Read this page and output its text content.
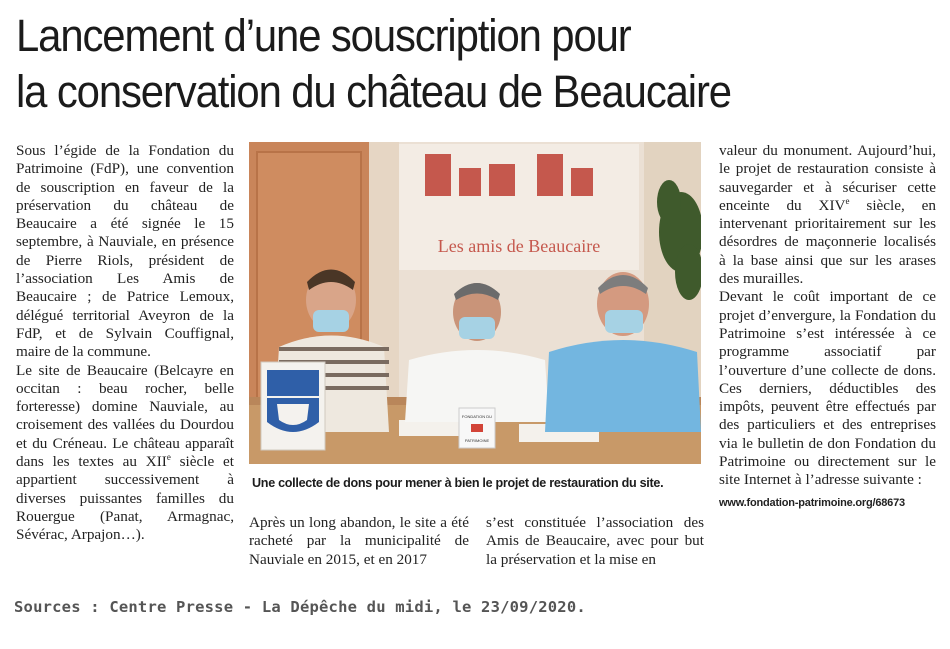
Lancement d’une souscription pour
la conservation du château de Beaucaire

Sous l’égide de la Fondation du Patrimoine (FdP), une convention de souscription en faveur de la préservation du château de Beaucaire a été signée le 15 septembre, à Nauviale, en présence de Pierre Riols, président de l’association Les Amis de Beaucaire ; de Patrice Lemoux, délégué territorial Aveyron de la FdP, et de Sylvain Couffignal, maire de la commune.

Le site de Beaucaire (Belcayre en occitan : beau rocher, belle forteresse) domine Nauviale, au croisement des vallées du Dourdou et du Créneau. Le château apparaît dans les textes au XIIe siècle et appartient successivement à diverses puissantes familles du Rouergue (Panat, Armagnac, Sévérac, Arpajon…).

Les amis de Beaucaire
FONDATION DU
PATRIMOINE
Une collecte de dons pour mener à bien le projet de restauration du site.

Après un long abandon, le site a été racheté par la municipalité de Nauviale en 2015, et en 2017

s’est constituée l’association des Amis de Beaucaire, avec pour but la préservation et la mise en

valeur du monument. Aujourd’hui, le projet de restauration consiste à sauvegarder et à sécuriser cette enceinte du XIVe siècle, en intervenant prioritairement sur les désordres de maçonnerie localisés à la base ainsi que sur les arases des murailles.

Devant le coût important de ce projet d’envergure, la Fondation du Patrimoine s’est intéressée à ce programme associatif par l’ouverture d’une collecte de dons. Ces derniers, déductibles des impôts, peuvent être effectués par des particuliers et des entreprises via le bulletin de don Fondation du Patrimoine ou directement sur le site Internet à l’adresse suivante :

www.fondation-patrimoine.org/68673
Sources : Centre Presse - La Dépêche du midi, le 23/09/2020.
